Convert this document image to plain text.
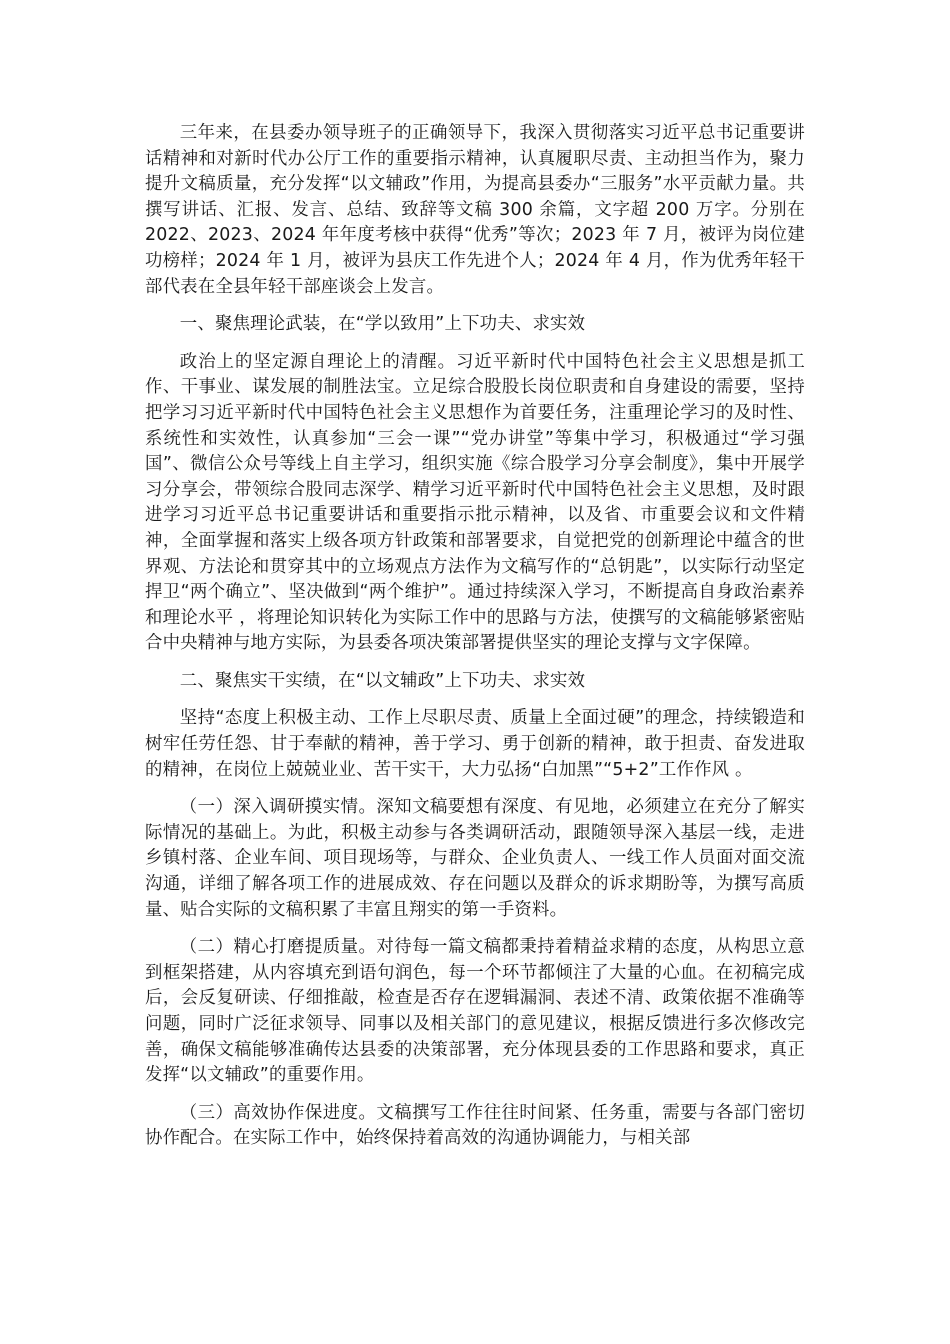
三年来，在县委办领导班子的正确领导下，我深入贯彻落实习近平总书记重要讲话精神和对新时代办公厅工作的重要指示精神，认真履职尽责、主动担当作为，聚力提升文稿质量，充分发挥“以文辅政”作用，为提高县委办“三服务”水平贡献力量。共撰写讲话、汇报、发言、总结、致辞等文稿 300 余篇，文字超 200 万字。分别在 2022、2023、2024 年年度考核中获得“优秀”等次；2023 年 7 月，被评为岗位建功榜样；2024 年 1 月，被评为县庆工作先进个人；2024 年 4 月，作为优秀年轻干部代表在全县年轻干部座谈会上发言。

一、聚焦理论武装，在“学以致用”上下功夫、求实效

政治上的坚定源自理论上的清醒。习近平新时代中国特色社会主义思想是抓工作、干事业、谋发展的制胜法宝。立足综合股股长岗位职责和自身建设的需要，坚持把学习习近平新时代中国特色社会主义思想作为首要任务，注重理论学习的及时性、系统性和实效性，认真参加“三会一课”“党办讲堂”等集中学习，积极通过“学习强国”、微信公众号等线上自主学习，组织实施《综合股学习分享会制度》，集中开展学习分享会，带领综合股同志深学、精学习近平新时代中国特色社会主义思想，及时跟进学习习近平总书记重要讲话和重要指示批示精神，以及省、市重要会议和文件精神，全面掌握和落实上级各项方针政策和部署要求，自觉把党的创新理论中蕴含的世界观、方法论和贯穿其中的立场观点方法作为文稿写作的“总钥匙”，以实际行动坚定捍卫“两个确立”、坚决做到“两个维护”。通过持续深入学习，不断提高自身政治素养和理论水平 ，将理论知识转化为实际工作中的思路与方法，使撰写的文稿能够紧密贴合中央精神与地方实际，为县委各项决策部署提供坚实的理论支撑与文字保障。

二、聚焦实干实绩，在“以文辅政”上下功夫、求实效

坚持“态度上积极主动、工作上尽职尽责、质量上全面过硬”的理念，持续锻造和树牢任劳任怨、甘于奉献的精神，善于学习、勇于创新的精神，敢于担责、奋发进取的精神，在岗位上兢兢业业、苦干实干，大力弘扬“白加黑”“5+2”工作作风 。

（一）深入调研摸实情。深知文稿要想有深度、有见地，必须建立在充分了解实际情况的基础上。为此，积极主动参与各类调研活动，跟随领导深入基层一线，走进乡镇村落、企业车间、项目现场等，与群众、企业负责人、一线工作人员面对面交流沟通，详细了解各项工作的进展成效、存在问题以及群众的诉求期盼等，为撰写高质量、贴合实际的文稿积累了丰富且翔实的第一手资料。

（二）精心打磨提质量。对待每一篇文稿都秉持着精益求精的态度，从构思立意到框架搭建，从内容填充到语句润色，每一个环节都倾注了大量的心血。在初稿完成后，会反复研读、仔细推敲，检查是否存在逻辑漏洞、表述不清、政策依据不准确等问题，同时广泛征求领导、同事以及相关部门的意见建议，根据反馈进行多次修改完善，确保文稿能够准确传达县委的决策部署，充分体现县委的工作思路和要求，真正发挥“以文辅政”的重要作用。

（三）高效协作保进度。文稿撰写工作往往时间紧、任务重，需要与各部门密切协作配合。在实际工作中，始终保持着高效的沟通协调能力，与相关部
